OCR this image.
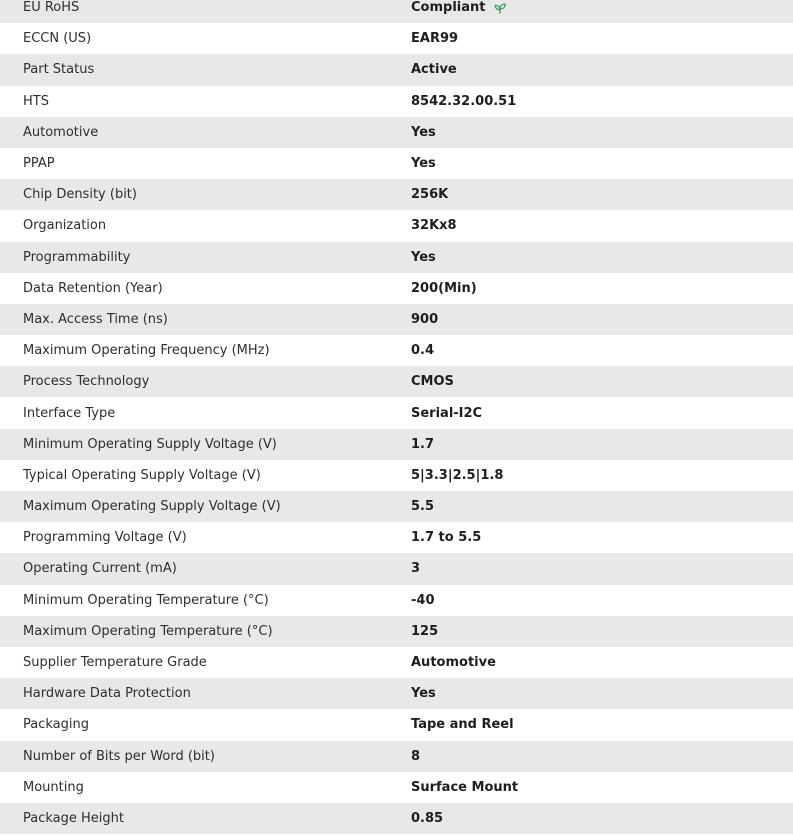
EU RoHS	Compliant
ECCN (US)	EAR99
Part Status	Active
HTS	8542.32.00.51
Automotive	Yes
PPAP	Yes
Chip Density (bit)	256K
Organization	32Kx8
Programmability	Yes
Data Retention (Year)	200(Min)
Max. Access Time (ns)	900
Maximum Operating Frequency (MHz)	0.4
Process Technology	CMOS
Interface Type	Serial-I2C
Minimum Operating Supply Voltage (V)	1.7
Typical Operating Supply Voltage (V)	5|3.3|2.5|1.8
Maximum Operating Supply Voltage (V)	5.5
Programming Voltage (V)	1.7 to 5.5
Operating Current (mA)	3
Minimum Operating Temperature (°C)	-40
Maximum Operating Temperature (°C)	125
Supplier Temperature Grade	Automotive
Hardware Data Protection	Yes
Packaging	Tape and Reel
Number of Bits per Word (bit)	8
Mounting	Surface Mount
Package Height	0.85
